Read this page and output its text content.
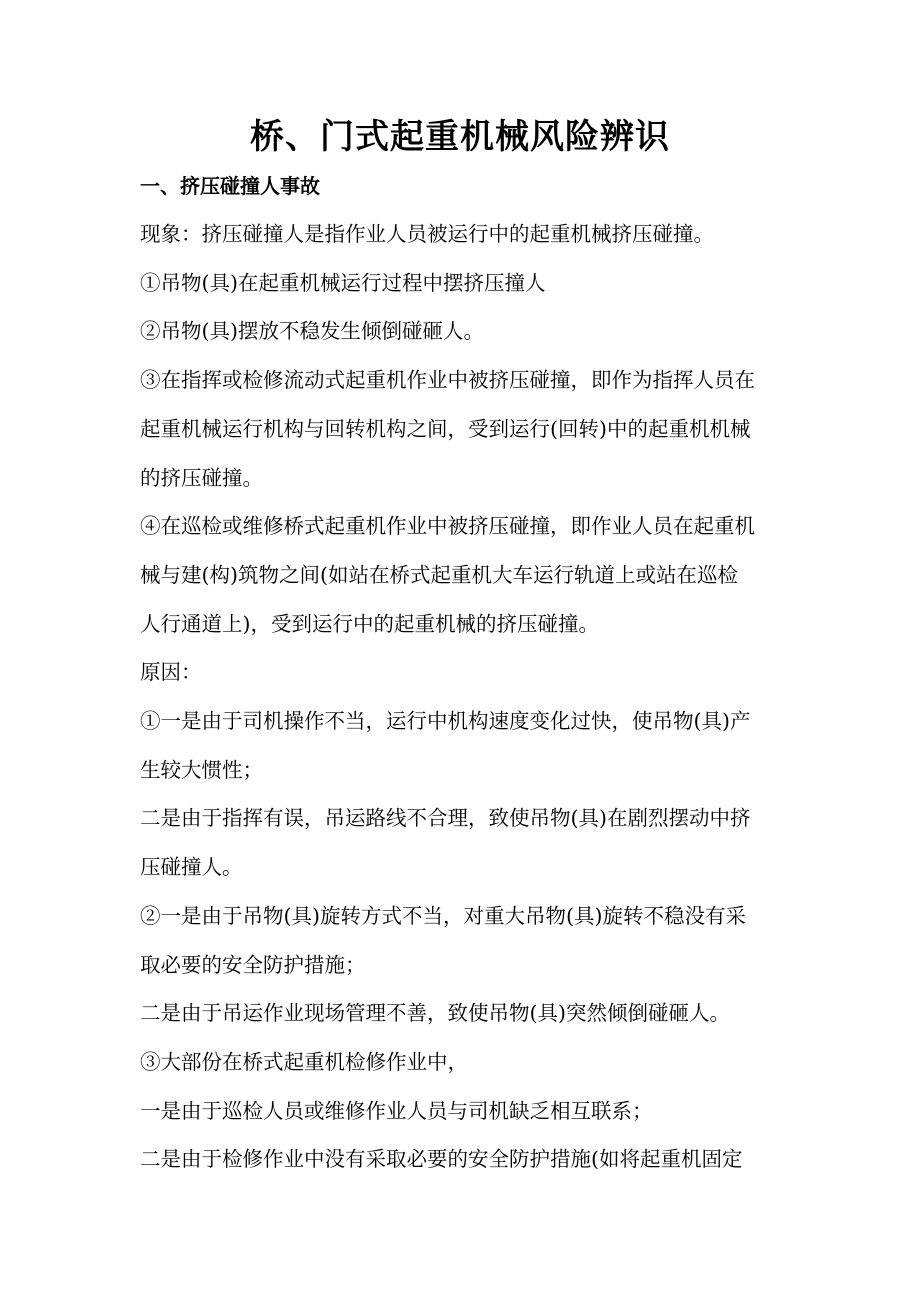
桥、门式起重机械风险辨识
一、挤压碰撞人事故

现象：挤压碰撞人是指作业人员被运行中的起重机械挤压碰撞。

①吊物(具)在起重机械运行过程中摆挤压撞人

②吊物(具)摆放不稳发生倾倒碰砸人。

③在指挥或检修流动式起重机作业中被挤压碰撞，即作为指挥人员在

起重机械运行机构与回转机构之间，受到运行(回转)中的起重机机械

的挤压碰撞。

④在巡检或维修桥式起重机作业中被挤压碰撞，即作业人员在起重机

械与建(构)筑物之间(如站在桥式起重机大车运行轨道上或站在巡检

人行通道上)，受到运行中的起重机械的挤压碰撞。

原因：

①一是由于司机操作不当，运行中机构速度变化过快，使吊物(具)产

生较大惯性；

二是由于指挥有误，吊运路线不合理，致使吊物(具)在剧烈摆动中挤

压碰撞人。

②一是由于吊物(具)旋转方式不当，对重大吊物(具)旋转不稳没有采

取必要的安全防护措施；

二是由于吊运作业现场管理不善，致使吊物(具)突然倾倒碰砸人。

③大部份在桥式起重机检修作业中，

一是由于巡检人员或维修作业人员与司机缺乏相互联系；

二是由于检修作业中没有采取必要的安全防护措施(如将起重机固定
